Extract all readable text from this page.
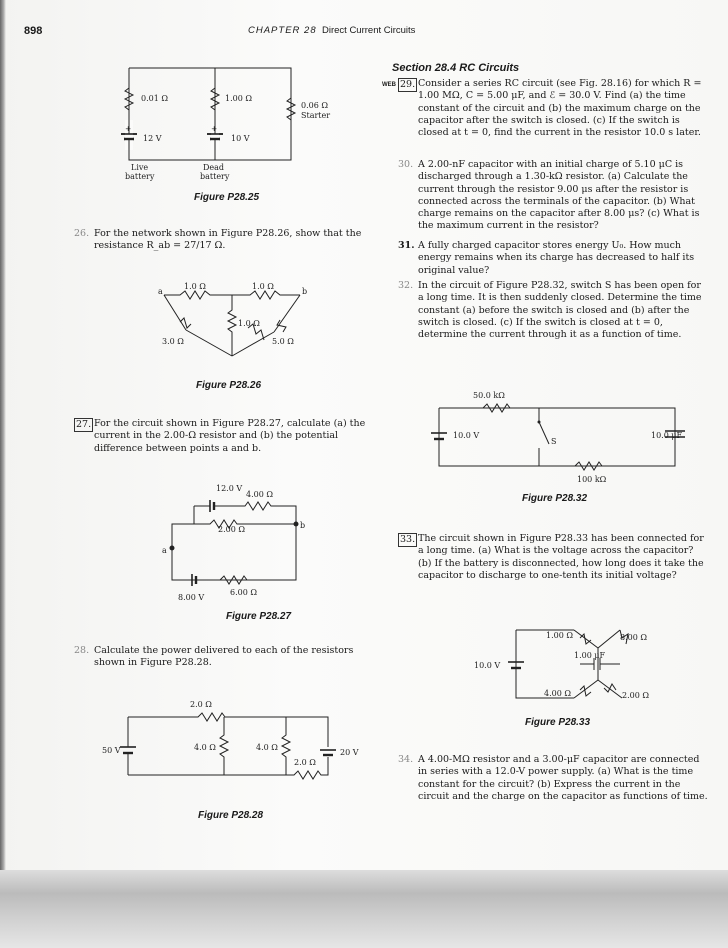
898	CHAPTER 28 Direct Current Circuits
+	+
0.01 Ω	1.00 Ω
0.06 Ω
Starter
12 V	10 V
Live
battery
Dead
battery
Figure P28.25
26. For the network shown in Figure P28.26, show that the resistance R_ab = 27/17 Ω.
a	b
1.0 Ω	1.0 Ω
1.0 Ω
3.0 Ω	5.0 Ω
Figure P28.26
27. For the circuit shown in Figure P28.27, calculate (a) the current in the 2.00-Ω resistor and (b) the potential difference between points a and b.
12.0 V
4.00 Ω
2.00 Ω
a
b
6.00 Ω
8.00 V
Figure P28.27
28. Calculate the power delivered to each of the resistors shown in Figure P28.28.
2.0 Ω
50 V	4.0 Ω	4.0 Ω
2.0 Ω
20 V
Figure P28.28
Section 28.4 RC Circuits
WEB 29. Consider a series RC circuit (see Fig. 28.16) for which R = 1.00 MΩ, C = 5.00 μF, and ℰ = 30.0 V. Find (a) the time constant of the circuit and (b) the maximum charge on the capacitor after the switch is closed. (c) If the switch is closed at t = 0, find the current in the resistor 10.0 s later.
30. A 2.00-nF capacitor with an initial charge of 5.10 μC is discharged through a 1.30-kΩ resistor. (a) Calculate the current through the resistor 9.00 μs after the resistor is connected across the terminals of the capacitor. (b) What charge remains on the capacitor after 8.00 μs? (c) What is the maximum current in the resistor?
31. A fully charged capacitor stores energy U₀. How much energy remains when its charge has decreased to half its original value?
32. In the circuit of Figure P28.32, switch S has been open for a long time. It is then suddenly closed. Determine the time constant (a) before the switch is closed and (b) after the switch is closed. (c) If the switch is closed at t = 0, determine the current through it as a function of time.
50.0 kΩ
10.0 V
S
10.0 μF
100 kΩ
Figure P28.32
33. The circuit shown in Figure P28.33 has been connected for a long time. (a) What is the voltage across the capacitor? (b) If the battery is disconnected, how long does it take the capacitor to discharge to one-tenth its initial voltage?
1.00 Ω	8.00 Ω
1.00 μF
10.0 V
4.00 Ω	2.00 Ω
Figure P28.33
34. A 4.00-MΩ resistor and a 3.00-μF capacitor are connected in series with a 12.0-V power supply. (a) What is the time constant for the circuit? (b) Express the current in the circuit and the charge on the capacitor as functions of time.
